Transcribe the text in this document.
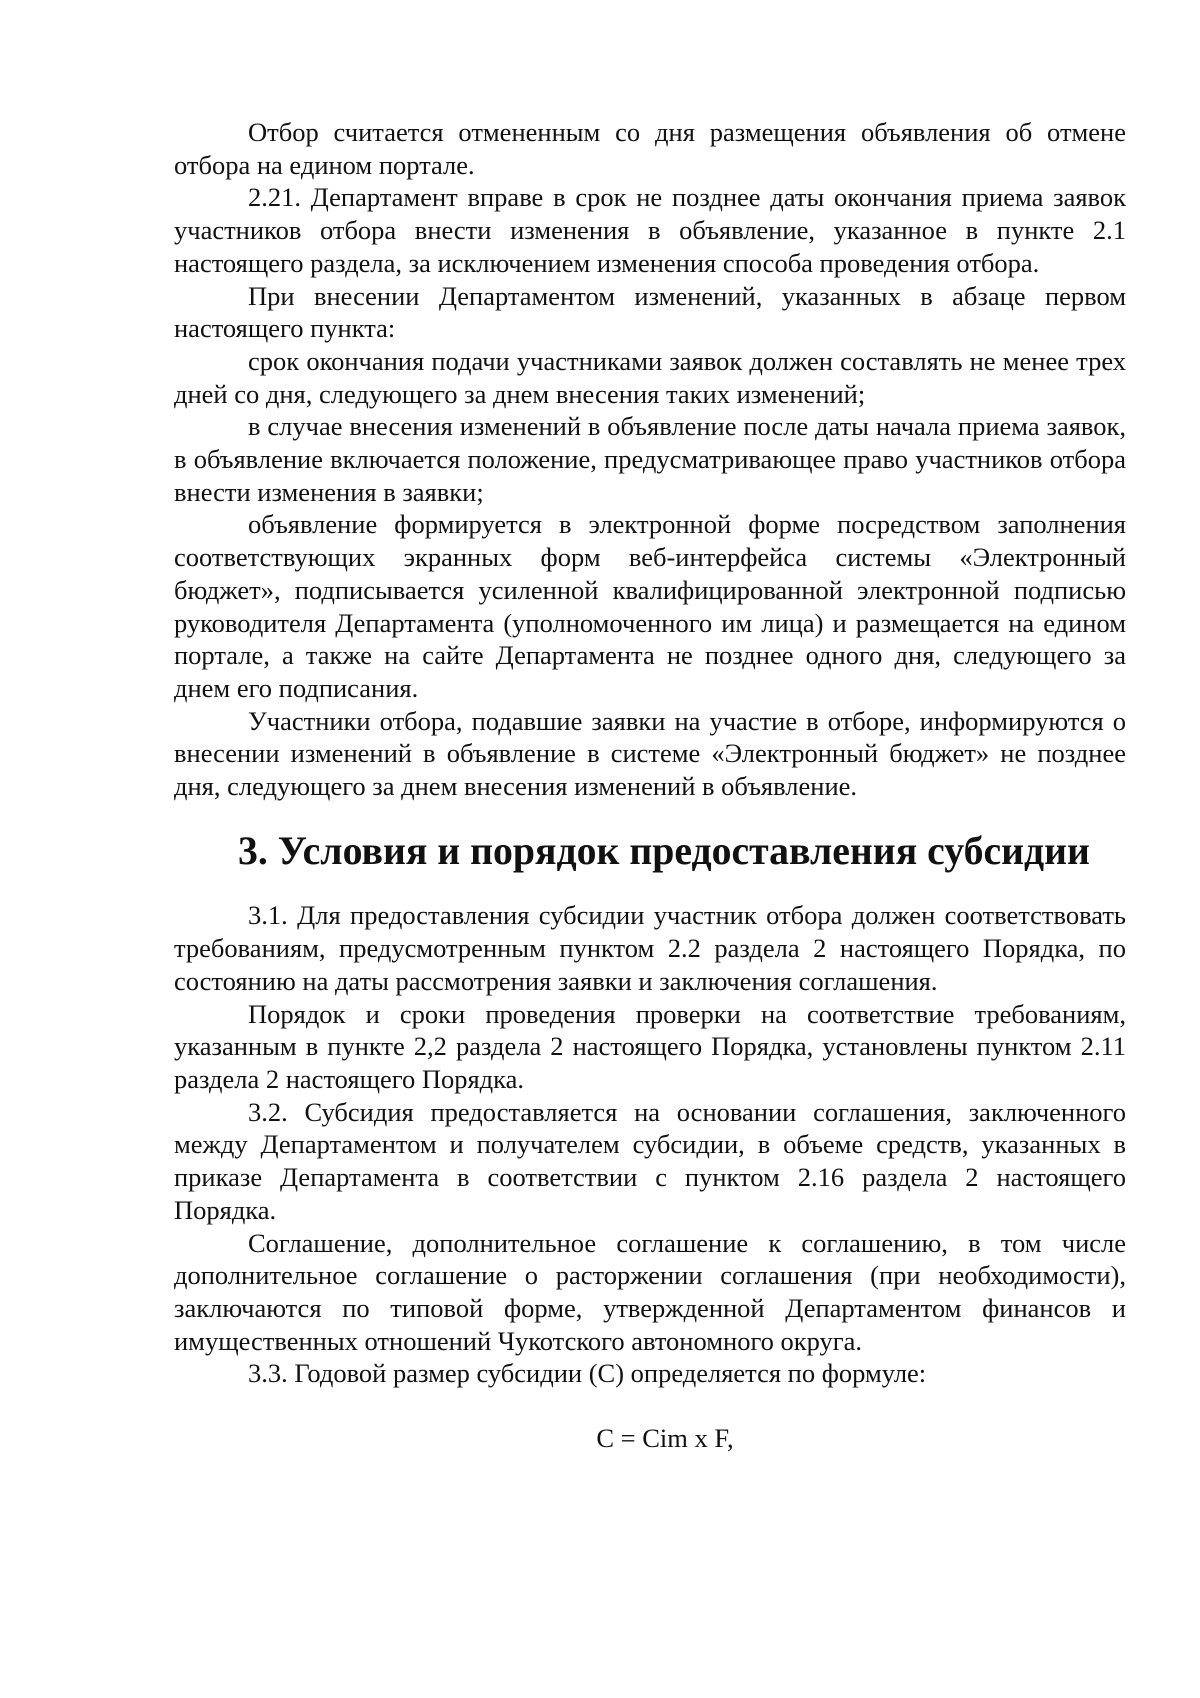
Отбор считается отмененным со дня размещения объявления об отмене отбора на едином портале.

2.21. Департамент вправе в срок не позднее даты окончания приема заявок участников отбора внести изменения в объявление, указанное в пункте 2.1 настоящего раздела, за исключением изменения способа проведения отбора.

При внесении Департаментом изменений, указанных в абзаце первом настоящего пункта:

срок окончания подачи участниками заявок должен составлять не менее трех дней со дня, следующего за днем внесения таких изменений;

в случае внесения изменений в объявление после даты начала приема заявок, в объявление включается положение, предусматривающее право участников отбора внести изменения в заявки;

объявление формируется в электронной форме посредством заполнения соответствующих экранных форм веб-интерфейса системы «Электронный бюджет», подписывается усиленной квалифицированной электронной подписью руководителя Департамента (уполномоченного им лица) и размещается на едином портале, а также на сайте Департамента не позднее одного дня, следующего за днем его подписания.

Участники отбора, подавшие заявки на участие в отборе, информируются о внесении изменений в объявление в системе «Электронный бюджет» не позднее дня, следующего за днем внесения изменений в объявление.

3. Условия и порядок предоставления субсидии

3.1. Для предоставления субсидии участник отбора должен соответствовать требованиям, предусмотренным пунктом 2.2 раздела 2 настоящего Порядка, по состоянию на даты рассмотрения заявки и заключения соглашения.

Порядок и сроки проведения проверки на соответствие требованиям, указанным в пункте 2,2 раздела 2 настоящего Порядка, установлены пунктом 2.11 раздела 2 настоящего Порядка.

3.2. Субсидия предоставляется на основании соглашения, заключенного между Департаментом и получателем субсидии, в объеме средств, указанных в приказе Департамента в соответствии с пунктом 2.16 раздела 2 настоящего Порядка.

Соглашение, дополнительное соглашение к соглашению, в том числе дополнительное соглашение о расторжении соглашения (при необходимости), заключаются по типовой форме, утвержденной Департаментом финансов и имущественных отношений Чукотского автономного округа.

3.3. Годовой размер субсидии (С) определяется по формуле:

C = Cim x F,
